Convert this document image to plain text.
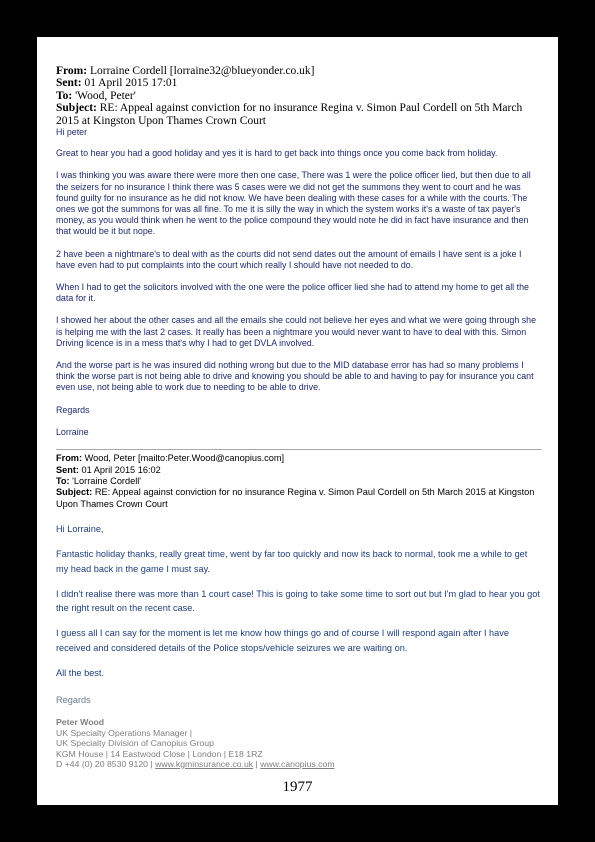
From: Lorraine Cordell [lorraine32@blueyonder.co.uk]
Sent: 01 April 2015 17:01
To: 'Wood, Peter'
Subject: RE: Appeal against conviction for no insurance Regina v. Simon Paul Cordell on 5th March 2015 at Kingston Upon Thames Crown Court

Hi peter

Great to hear you had a good holiday and yes it is hard to get back into things once you come back from holiday.

I was thinking you was aware there were more then one case, There was 1 were the police officer lied, but then due to all the seizers for no insurance I think there was 5 cases were we did not get the summons they went to court and he was found guilty for no insurance as he did not know. We have been dealing with these cases for a while with the courts. The ones we got the summons for was all fine. To me it is silly the way in which the system works it's a waste of tax payer's money, as you would think when he went to the police compound they would note he did in fact have insurance and then that would be it but nope.

2 have been a nightmare's to deal with as the courts did not send dates out the amount of emails I have sent is a joke I have even had to put complaints into the court which really I should have not needed to do.

When I had to get the solicitors involved with the one were the police officer lied she had to attend my home to get all the data for it.

I showed her about the other cases and all the emails she could not believe her eyes and what we were going through she is helping me with the last 2 cases. It really has been a nightmare you would never want to have to deal with this. Simon Driving licence is in a mess that's why I had to get DVLA involved.

And the worse part is he was insured did nothing wrong but due to the MID database error has had so many problems I think the worse part is not being able to drive and knowing you should be able to and having to pay for insurance you cant even use, not being able to work due to needing to be able to drive.

Regards

Lorraine

From: Wood, Peter [mailto:Peter.Wood@canopius.com]
Sent: 01 April 2015 16:02
To: 'Lorraine Cordell'
Subject: RE: Appeal against conviction for no insurance Regina v. Simon Paul Cordell on 5th March 2015 at Kingston Upon Thames Crown Court

Hi Lorraine,

Fantastic holiday thanks, really great time, went by far too quickly and now its back to normal, took me a while to get my head back in the game I must say.

I didn't realise there was more than 1 court case! This is going to take some time to sort out but I'm glad to hear you got the right result on the recent case.

I guess all I can say for the moment is let me know how things go and of course I will respond again after I have received and considered details of the Police stops/vehicle seizures we are waiting on.

All the best.

Regards

Peter Wood
UK Specialty Operations Manager |
UK Specialty Division of Canopius Group
KGM House | 14 Eastwood Close | London | E18 1RZ
D +44 (0) 20 8530 9120 | www.kgminsurance.co.uk | www.canopius.com
1977
